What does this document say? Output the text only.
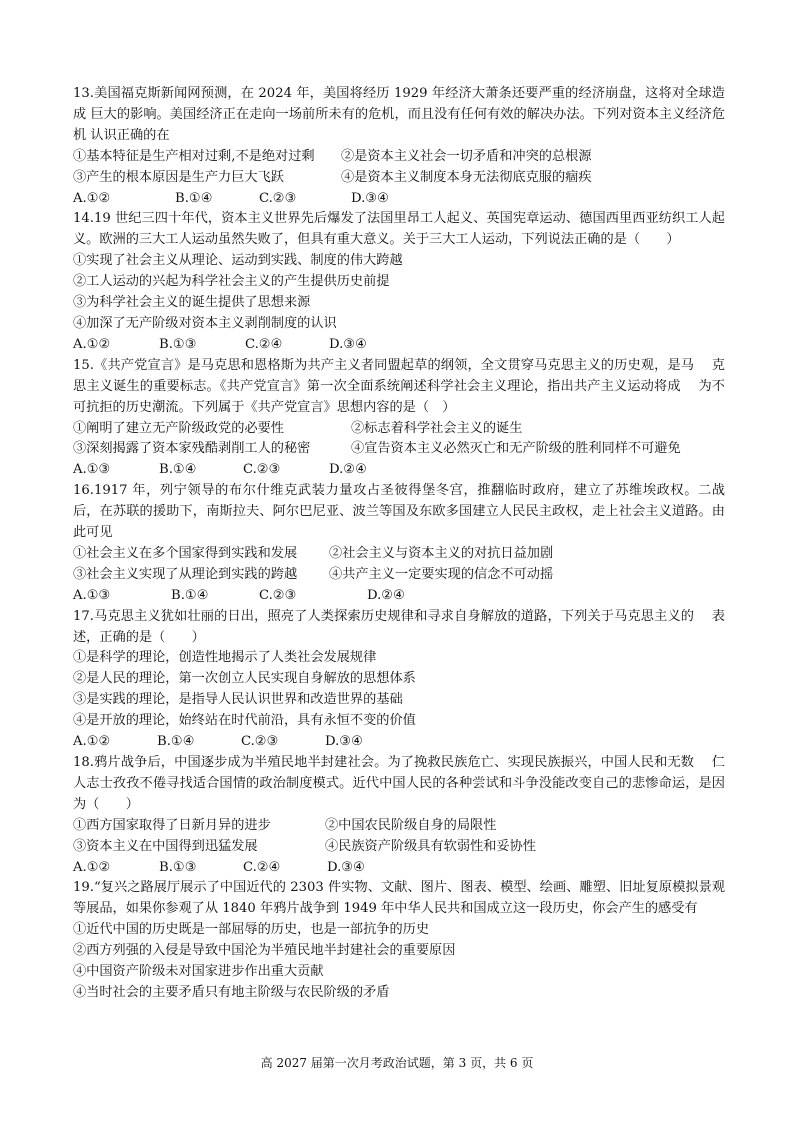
13.美国福克斯新闻网预测，在 2024 年，美国将经历 1929 年经济大萧条还要严重的经济崩盘，这将对全球造成 巨大的影响。美国经济正在走向一场前所未有的危机，而且没有任何有效的解决办法。下列对资本主义经济危机 认识正确的在
①基本特征是生产相对过剩,不是绝对过剩	②是资本主义社会一切矛盾和冲突的总根源
③产生的根本原因是生产力巨大飞跃	④是资本主义制度本身无法彻底克服的痼疾
A.①②	B.①④	C.②③	D.③④
14.19 世纪三四十年代，资本主义世界先后爆发了法国里昂工人起义、英国宪章运动、德国西里西亚纺织工人起义。欧洲的三大工人运动虽然失败了，但具有重大意义。关于三大工人运动，下列说法正确的是（　　）
①实现了社会主义从理论、运动到实践、制度的伟大跨越
②工人运动的兴起为科学社会主义的产生提供历史前提
③为科学社会主义的诞生提供了思想来源
④加深了无产阶级对资本主义剥削制度的认识
A.①②	B.①③	C.②④	D.③④
15.《共产党宣言》是马克思和恩格斯为共产主义者同盟起草的纲领，全文贯穿马克思主义的历史观，是马　 克思主义诞生的重要标志。《共产党宣言》第一次全面系统阐述科学社会主义理论，指出共产主义运动将成　 为不可抗拒的历史潮流。下列属于《共产党宣言》思想内容的是（　）
①阐明了建立无产阶级政党的必要性	②标志着科学社会主义的诞生
③深刻揭露了资本家残酷剥削工人的秘密	④宣告资本主义必然灭亡和无产阶级的胜利同样不可避免
A.①③	B.①④	C.②③	D.②④
16.1917 年，列宁领导的布尔什维克武装力量攻占圣彼得堡冬宫，推翻临时政府，建立了苏维埃政权。二战后，在苏联的援助下，南斯拉夫、阿尔巴尼亚、波兰等国及东欧多国建立人民民主政权，走上社会主义道路。由此可见
①社会主义在多个国家得到实践和发展	②社会主义与资本主义的对抗日益加剧
③社会主义实现了从理论到实践的跨越	④共产主义一定要实现的信念不可动摇
A.①③	B.①④	C.②③	D.②④
17.马克思主义犹如壮丽的日出，照亮了人类探索历史规律和寻求自身解放的道路，下列关于马克思主义的　 表述，正确的是（　　）
①是科学的理论，创造性地揭示了人类社会发展规律
②是人民的理论，第一次创立人民实现自身解放的思想体系
③是实践的理论，是指导人民认识世界和改造世界的基础
④是开放的理论，始终站在时代前沿，具有永恒不变的价值
A.①②	B.①④	C.②③	D.③④
18.鸦片战争后，中国逐步成为半殖民地半封建社会。为了挽救民族危亡、实现民族振兴，中国人民和无数　 仁人志士孜孜不倦寻找适合国情的政治制度模式。近代中国人民的各种尝试和斗争没能改变自己的悲惨命运，是因为（　　）
①西方国家取得了日新月异的进步	②中国农民阶级自身的局限性
③资本主义在中国得到迅猛发展	④民族资产阶级具有软弱性和妥协性
A.①②	B.①③	C.②④	D.③④
19.“复兴之路展厅展示了中国近代的 2303 件实物、文献、图片、图表、模型、绘画、雕塑、旧址复原模拟景观等展品，如果你参观了从 1840 年鸦片战争到 1949 年中华人民共和国成立这一段历史，你会产生的感受有
①近代中国的历史既是一部屈辱的历史，也是一部抗争的历史
②西方列强的入侵是导致中国沦为半殖民地半封建社会的重要原因
④中国资产阶级未对国家进步作出重大贡献
④当时社会的主要矛盾只有地主阶级与农民阶级的矛盾
高 2027 届第一次月考政治试题，第 3 页，共 6 页
